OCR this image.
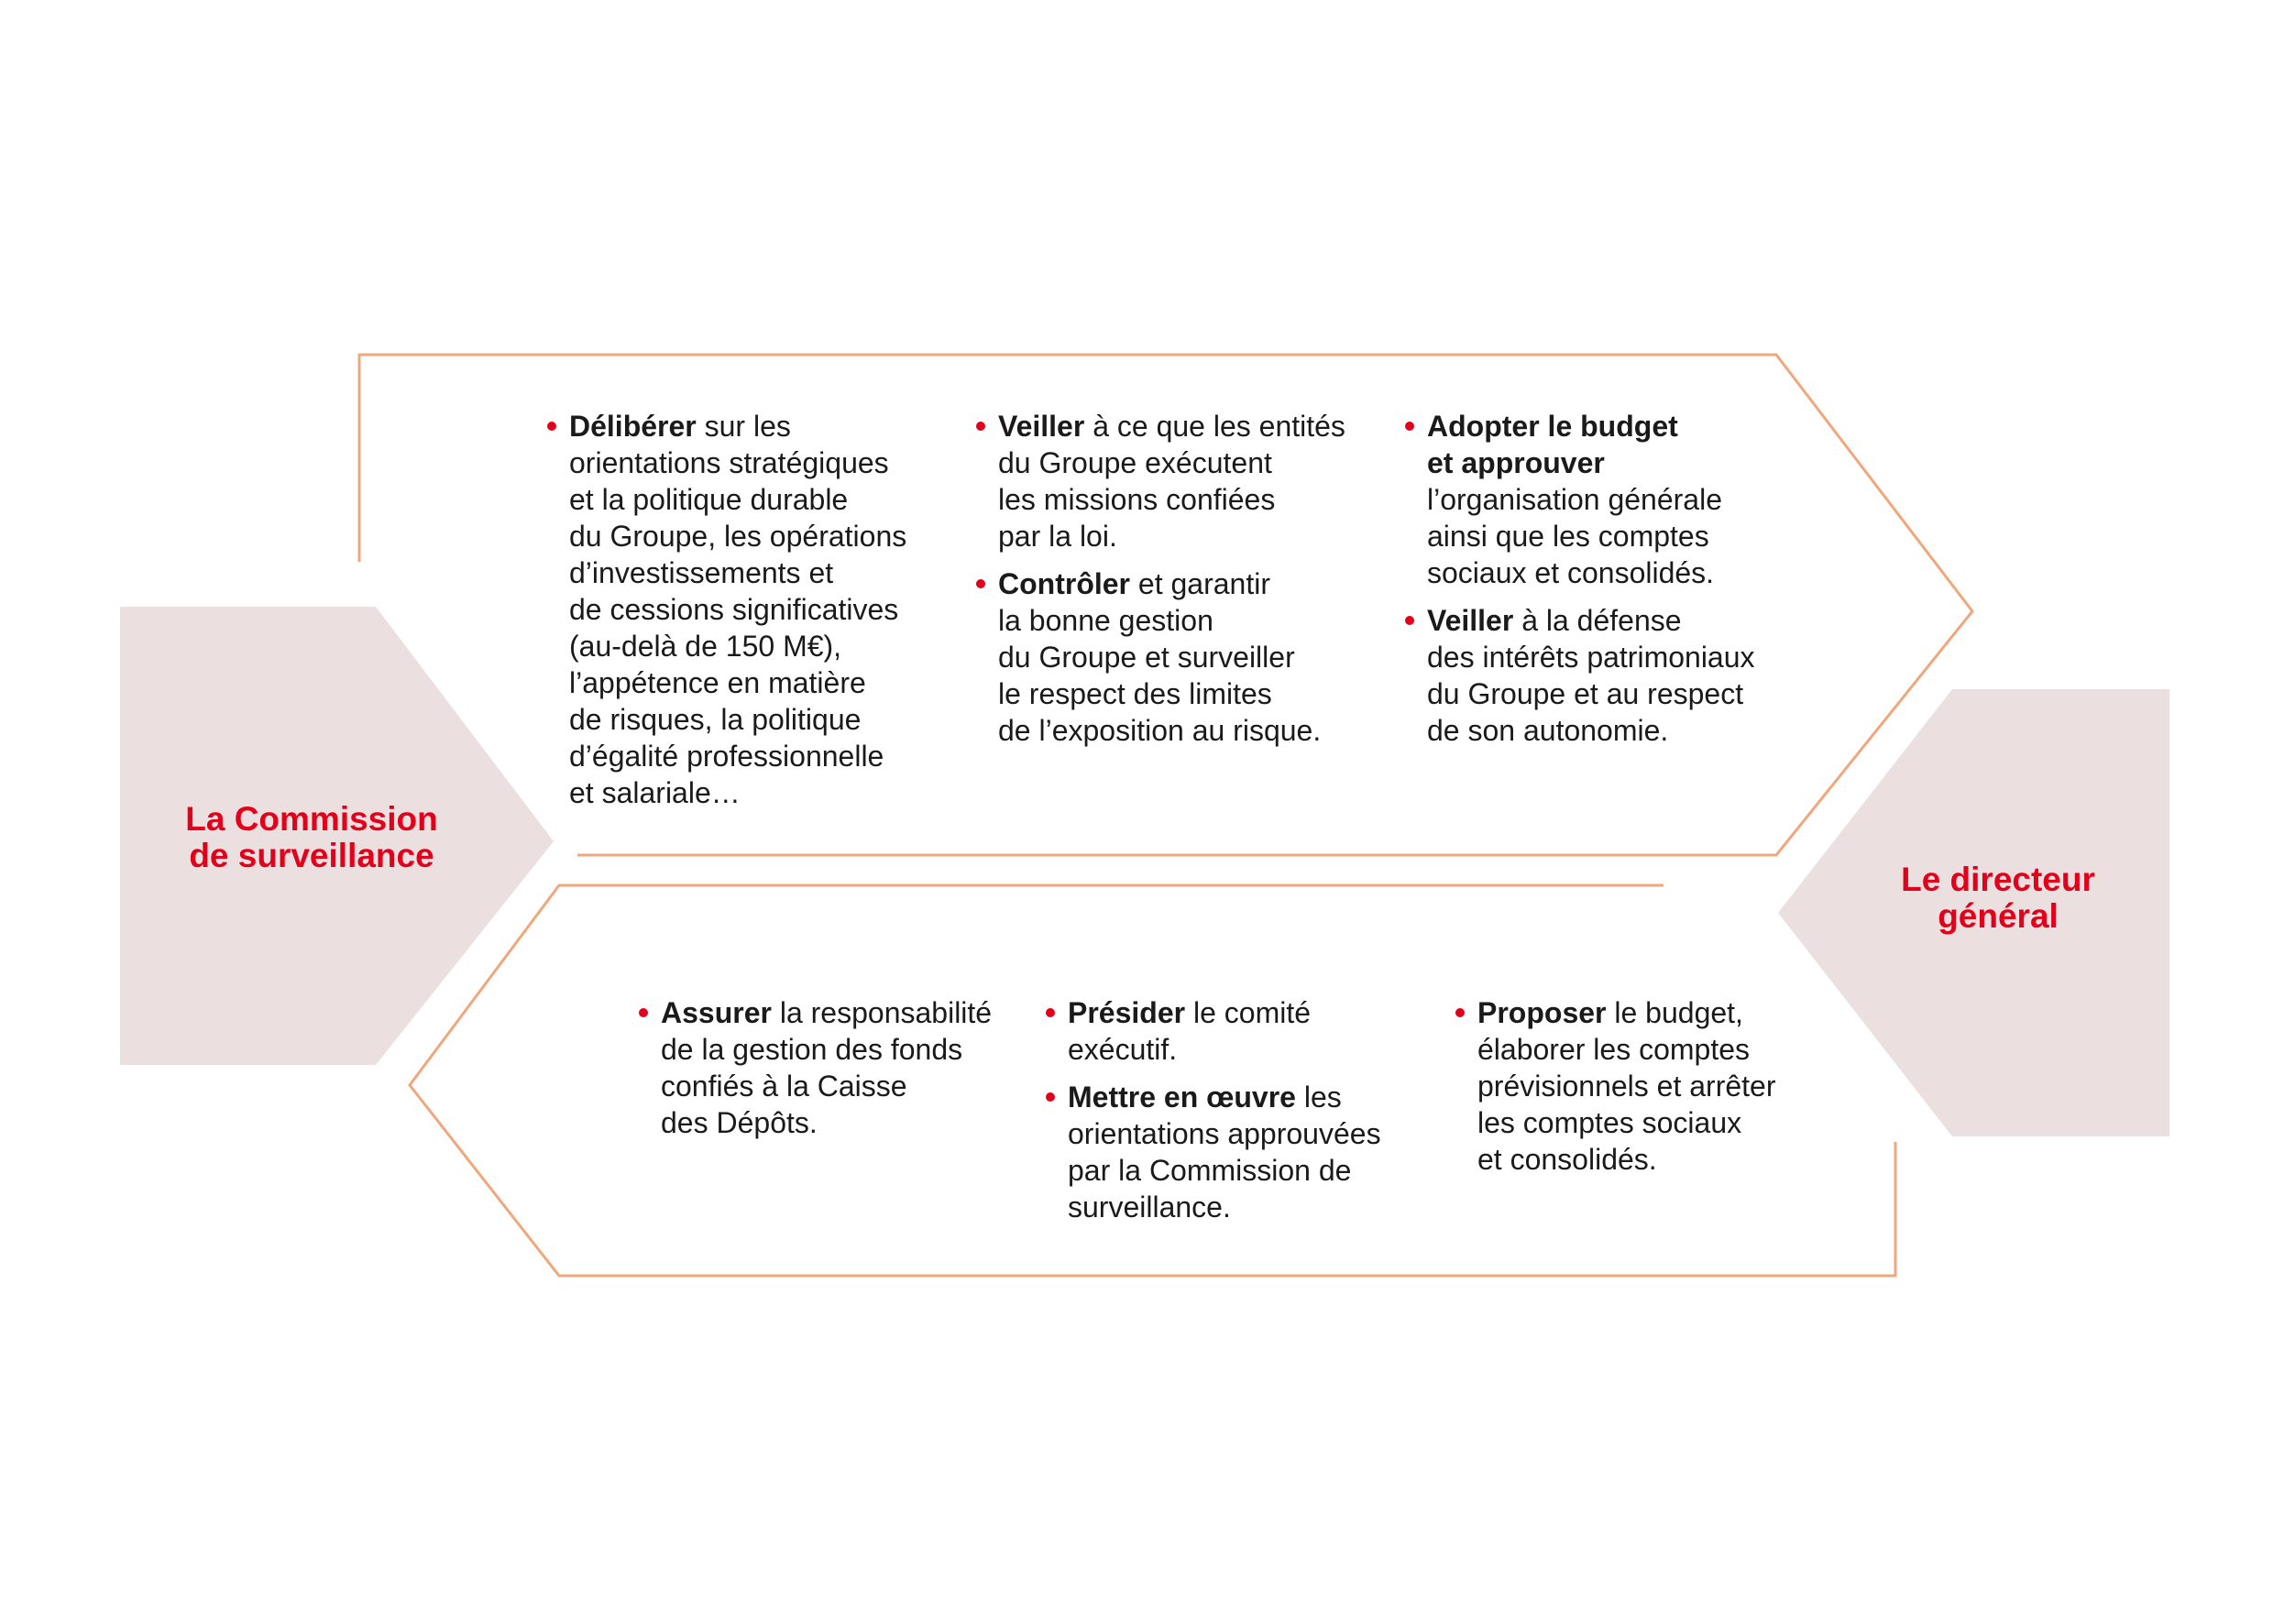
La Commission
de surveillance
Le directeur
général
Délibérer sur les
orientations stratégiques
et la politique durable
du Groupe, les opérations
d’investissements et
de cessions significatives
(au-delà de 150 M€),
l’appétence en matière
de risques, la politique
d’égalité professionnelle
et salariale…
Veiller à ce que les entités
du Groupe exécutent
les missions confiées
par la loi.
Contrôler et garantir
la bonne gestion
du Groupe et surveiller
le respect des limites
de l’exposition au risque.
Adopter le budget
et approuver
l’organisation générale
ainsi que les comptes
sociaux et consolidés.
Veiller à la défense
des intérêts patrimoniaux
du Groupe et au respect
de son autonomie.
Assurer la responsabilité
de la gestion des fonds
confiés à la Caisse
des Dépôts.
Présider le comité
exécutif.
Mettre en œuvre les
orientations approuvées
par la Commission de
surveillance.
Proposer le budget,
élaborer les comptes
prévisionnels et arrêter
les comptes sociaux
et consolidés.
